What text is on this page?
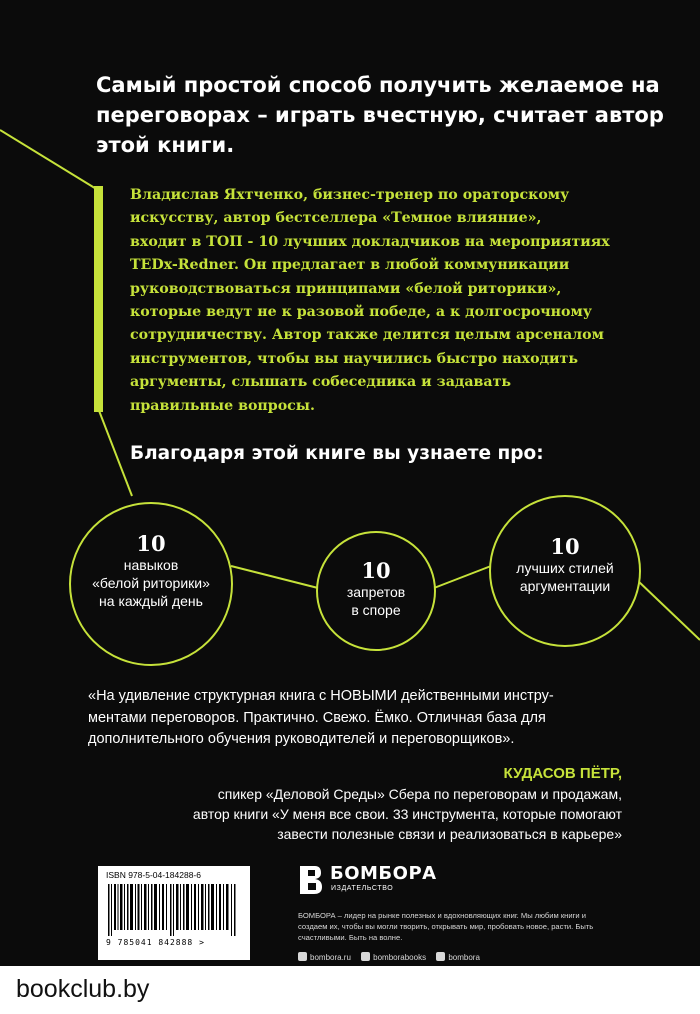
Самый простой способ получить желаемое на переговорах – играть вчестную, считает автор этой книги.

Владислав Яхтченко, бизнес-тренер по ораторскому
искусству, автор бестселлера «Темное влияние»,
входит в ТОП - 10 лучших докладчиков на мероприятиях
TEDx-Redner. Он предлагает в любой коммуникации
руководствоваться принципами «белой риторики»,
которые ведут не к разовой победе, а к долгосрочному
сотрудничеству. Автор также делится целым арсеналом
инструментов, чтобы вы научились быстро находить
аргументы, слышать собеседника и задавать
правильные вопросы.

Благодаря этой книге вы узнаете про:

10
навыков
«белой риторики»
на каждый день
10
запретов
в споре
10
лучших стилей
аргументации

«На удивление структурная книга с НОВЫМИ действенными инстру-
ментами переговоров. Практично. Свежо. Ёмко. Отличная база для
дополнительного обучения руководителей и переговорщиков».

КУДАСОВ ПЁТР,

спикер «Деловой Среды» Сбера по переговорам и продажам,
автор книги «У меня все свои. 33 инструмента, которые помогают
завести полезные связи и реализоваться в карьере»

ISBN 978-5-04-184288-6
9 785041 842888 >
БОМБОРА
ИЗДАТЕЛЬСТВО

БОМБОРА – лидер на рынке полезных и вдохновляющих книг. Мы любим книги и создаем их, чтобы вы могли творить, открывать мир, пробовать новое, расти. Быть счастливыми. Быть на волне.

bombora.ru	bomborabooks	bombora
bookclub.by
